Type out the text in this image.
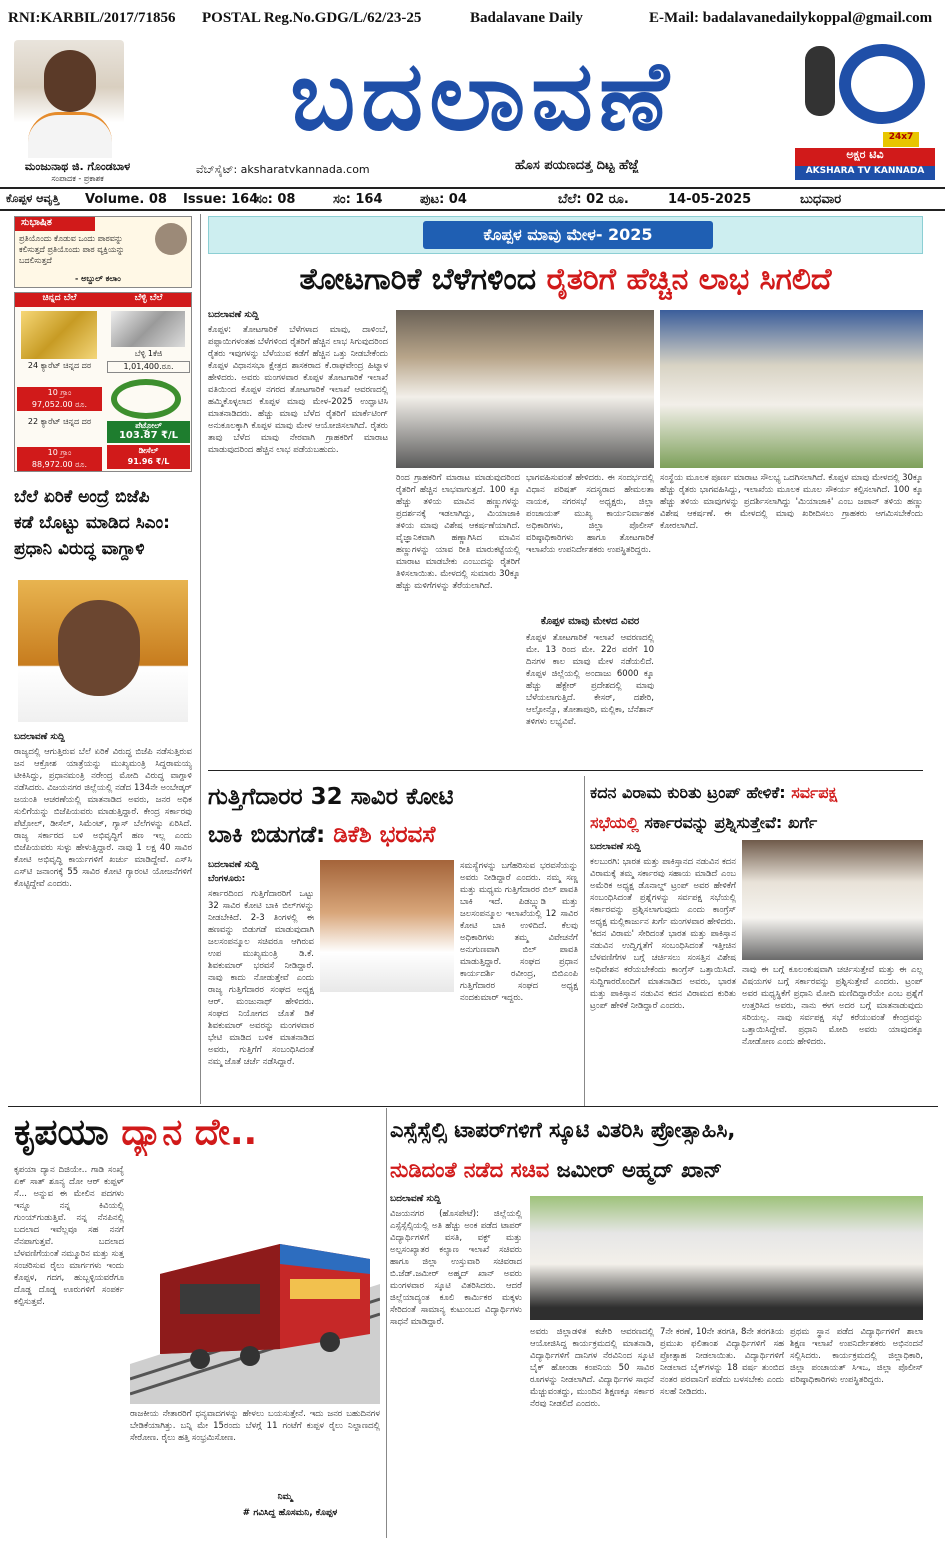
RNI:KARBIL/2017/71856 POSTAL Reg.No.GDG/L/62/23-25	Badalavane Daily	E-Mail: badalavanedailykoppal@gmail.com
ಮಂಜುನಾಥ ಜಿ. ಗೊಂಡಬಾಳ
ಸಂಪಾದಕ - ಪ್ರಕಾಶಕ
ಬದಲಾವಣೆ
ವೆಬ್‌ಸೈಟ್: aksharatvkannada.com	ಹೊಸ ಪಯಣದತ್ತ ದಿಟ್ಟ ಹೆಜ್ಜೆ
24x7
ಅಕ್ಷರ ಟಿವಿ
AKSHARA TV KANNADA
ಕೊಪ್ಪಳ ಆವೃತ್ತಿ Volume. 08 Issue: 164
ಸಂ: 08	ಸಂ: 164	ಪುಟ: 04	ಬೆಲೆ: 02 ರೂ.	14-05-2025	ಬುಧವಾರ
ಸುಭಾಷಿತ
ಪ್ರತಿಯೊಂದು ಕೊಡುವ ಒಂದು ಪಾಠವನ್ನು ಕಲಿಸುತ್ತದೆ ಪ್ರತಿಯೊಂದು ಪಾಠ ವ್ಯಕ್ತಿಯನ್ನು ಬದಲಿಸುತ್ತದೆ
- ಅಬ್ದುಲ್ ಕಲಾಂ
ಚಿನ್ನದ ಬೆಲೆ	ಬೆಳ್ಳಿ ಬೆಲೆ
24 ಕ್ಯಾರೆಟ್ ಚಿನ್ನದ ದರ
10 ಗ್ರಾಂ
97,052.00 ರೂ.
22 ಕ್ಯಾರೆಟ್ ಚಿನ್ನದ ದರ
10 ಗ್ರಾಂ
88,972.00 ರೂ.
ಬೆಳ್ಳಿ 1ಕೆಜಿ
1,01,400.ರೂ.
ಪೆಟ್ರೋಲ್
103.87 ₹/L
ಡೀಸೆಲ್
91.96 ₹/L
ಬೆಲೆ ಏರಿಕೆ ಅಂದ್ರೆ ಬಿಜೆಪಿ
ಕಡೆ ಬೊಟ್ಟು ಮಾಡಿದ ಸಿಎಂ:
ಪ್ರಧಾನಿ ವಿರುದ್ಧ ವಾಗ್ದಾಳಿ
ಬದಲಾವಣೆ ಸುದ್ದಿ
ರಾಜ್ಯದಲ್ಲಿ ಆಗುತ್ತಿರುವ ಬೆಲೆ ಏರಿಕೆ ವಿರುದ್ಧ ಬಿಜೆಪಿ ನಡೆಸುತ್ತಿರುವ ಜನ ಆಕ್ರೋಶ ಯಾತ್ರೆಯನ್ನು ಮುಖ್ಯಮಂತ್ರಿ ಸಿದ್ದರಾಮಯ್ಯ ಟೀಕಿಸಿದ್ದು, ಪ್ರಧಾನಮಂತ್ರಿ ನರೇಂದ್ರ ಮೋದಿ ವಿರುದ್ಧ ವಾಗ್ದಾಳಿ ನಡೆಸಿದರು. ವಿಜಯನಗರ ಜಿಲ್ಲೆಯಲ್ಲಿ ನಡೆದ 134ನೇ ಅಂಬೇಡ್ಕರ್ ಜಯಂತಿ ಆಚರಣೆಯಲ್ಲಿ ಮಾತನಾಡಿದ ಅವರು, ಜನರ ಅಧಿಕ ಸುಲಿಗೆಯನ್ನು ಬಿಜೆಪಿಯವರು ಮಾಡುತ್ತಿದ್ದಾರೆ. ಕೇಂದ್ರ ಸರ್ಕಾರವು ಪೆಟ್ರೋಲ್, ಡೀಸೆಲ್, ಸಿಮೆಂಟ್, ಗ್ಯಾಸ್ ಬೆಲೆಗಳನ್ನು ಏರಿಸಿದೆ. ರಾಜ್ಯ ಸರ್ಕಾರದ ಬಳಿ ಅಭಿವೃದ್ಧಿಗೆ ಹಣ ಇಲ್ಲ ಎಂದು ಬಿಜೆಪಿಯವರು ಸುಳ್ಳು ಹೇಳುತ್ತಿದ್ದಾರೆ. ನಾವು 1 ಲಕ್ಷ 40 ಸಾವಿರ ಕೋಟಿ ಅಭಿವೃದ್ಧಿ ಕಾರ್ಯಗಳಿಗೆ ಖರ್ಚು ಮಾಡಿದ್ದೇವೆ. ಎಸ್‌ಸಿ ಎಸ್‌ಟಿ ಜನಾಂಗಕ್ಕೆ 55 ಸಾವಿರ ಕೋಟಿ ಗ್ಯಾರಂಟಿ ಯೋಜನೆಗಳಿಗೆ ಕೊಟ್ಟಿದ್ದೇವೆ ಎಂದರು.
ಕೊಪ್ಪಳ ಮಾವು ಮೇಳ- 2025
ತೋಟಗಾರಿಕೆ ಬೆಳೆಗಳಿಂದ ರೈತರಿಗೆ ಹೆಚ್ಚಿನ ಲಾಭ ಸಿಗಲಿದೆ
ಬದಲಾವಣೆ ಸುದ್ದಿ
ಕೊಪ್ಪಳ: ತೋಟಗಾರಿಕೆ ಬೆಳೆಗಳಾದ ಮಾವು, ದಾಳಿಂಬೆ, ಪಪ್ಪಾಯಿಗಳಂತಹ ಬೆಳೆಗಳಿಂದ ರೈತರಿಗೆ ಹೆಚ್ಚಿನ ಲಾಭ ಸಿಗುವುದರಿಂದ ರೈತರು ಇವುಗಳನ್ನು ಬೆಳೆಯುವ ಕಡೆಗೆ ಹೆಚ್ಚಿನ ಒತ್ತು ನೀಡಬೇಕೆಂದು ಕೊಪ್ಪಳ ವಿಧಾನಸಭಾ ಕ್ಷೇತ್ರದ ಶಾಸಕರಾದ ಕೆ.ರಾಘವೇಂದ್ರ ಹಿಟ್ನಾಳ ಹೇಳಿದರು. ಅವರು ಮಂಗಳವಾರ ಕೊಪ್ಪಳ ತೋಟಗಾರಿಕೆ ಇಲಾಖೆ ವತಿಯಿಂದ ಕೊಪ್ಪಳ ನಗರದ ತೋಟಗಾರಿಕೆ ಇಲಾಖೆ ಆವರಣದಲ್ಲಿ ಹಮ್ಮಿಕೊಳ್ಳಲಾದ ಕೊಪ್ಪಳ ಮಾವು ಮೇಳ-2025 ಉದ್ಘಾಟಿಸಿ ಮಾತನಾಡಿದರು. ಹೆಚ್ಚು ಮಾವು ಬೆಳೆದ ರೈತರಿಗೆ ಮಾರ್ಕೆಟಿಂಗ್ ಅನುಕೂಲಕ್ಕಾಗಿ ಕೊಪ್ಪಳ ಮಾವು ಮೇಳ ಆಯೋಜಿಸಲಾಗಿದೆ. ರೈತರು ತಾವು ಬೆಳೆದ ಮಾವು ನೇರವಾಗಿ ಗ್ರಾಹಕರಿಗೆ ಮಾರಾಟ ಮಾಡುವುದರಿಂದ ಹೆಚ್ಚಿನ ಲಾಭ ಪಡೆಯಬಹುದು.
ರಿಂದ ಗ್ರಾಹಕರಿಗೆ ಮಾರಾಟ ಮಾಡುವುದರಿಂದ ರೈತರಿಗೆ ಹೆಚ್ಚಿನ ಲಾಭವಾಗುತ್ತದೆ. 100 ಕ್ಕೂ ಹೆಚ್ಚು ತಳಿಯ ಮಾವಿನ ಹಣ್ಣುಗಳನ್ನು ಪ್ರದರ್ಶನಕ್ಕೆ ಇಡಲಾಗಿದ್ದು, ಮಿಯಾಜಾಕಿ ತಳಿಯ ಮಾವು ವಿಶೇಷ ಆಕರ್ಷಣೆಯಾಗಿದೆ. ವೈಜ್ಞಾನಿಕವಾಗಿ ಹಣ್ಣಾಗಿಸಿದ ಮಾವಿನ ಹಣ್ಣುಗಳನ್ನು ಯಾವ ರೀತಿ ಮಾರುಕಟ್ಟೆಯಲ್ಲಿ ಮಾರಾಟ ಮಾಡಬೇಕು ಎಂಬುದನ್ನು ರೈತರಿಗೆ ತಿಳಿಸಲಾಯಿತು. ಮೇಳದಲ್ಲಿ ಸುಮಾರು 30ಕ್ಕೂ ಹೆಚ್ಚು ಮಳಿಗೆಗಳನ್ನು ತೆರೆಯಲಾಗಿದೆ.
ಭಾಗವಹಿಸುವಂತೆ ಹೇಳಿದರು. ಈ ಸಂದರ್ಭದಲ್ಲಿ ವಿಧಾನ ಪರಿಷತ್ ಸದಸ್ಯರಾದ ಹೇಮಲತಾ ನಾಯಕ, ನಗರಸಭೆ ಅಧ್ಯಕ್ಷರು, ಜಿಲ್ಲಾ ಪಂಚಾಯತ್ ಮುಖ್ಯ ಕಾರ್ಯನಿರ್ವಾಹಕ ಅಧಿಕಾರಿಗಳು, ಜಿಲ್ಲಾ ಪೊಲೀಸ್ ವರಿಷ್ಠಾಧಿಕಾರಿಗಳು ಹಾಗೂ ತೋಟಗಾರಿಕೆ ಇಲಾಖೆಯ ಉಪನಿರ್ದೇಶಕರು ಉಪಸ್ಥಿತರಿದ್ದರು.
ಕೊಪ್ಪಳ ಮಾವು ಮೇಳದ ವಿವರ
ಕೊಪ್ಪಳ ತೋಟಗಾರಿಕೆ ಇಲಾಖೆ ಆವರಣದಲ್ಲಿ ಮೇ. 13 ರಿಂದ ಮೇ. 22ರ ವರೆಗೆ 10 ದಿನಗಳ ಕಾಲ ಮಾವು ಮೇಳ ನಡೆಯಲಿದೆ. ಕೊಪ್ಪಳ ಜಿಲ್ಲೆಯಲ್ಲಿ ಅಂದಾಜು 6000 ಕ್ಕೂ ಹೆಚ್ಚು ಹೆಕ್ಟೇರ್ ಪ್ರದೇಶದಲ್ಲಿ ಮಾವು ಬೆಳೆಯಲಾಗುತ್ತಿದೆ. ಕೇಸರ್, ದಶೇರಿ, ಆಲ್ಫೋನ್ಸೊ, ತೋತಾಪುರಿ, ಮಲ್ಲಿಕಾ, ಬೆನೆಶಾನ್ ತಳಿಗಳು ಲಭ್ಯವಿವೆ.
ಸಂಸ್ಥೆಯ ಮೂಲಕ ಪೂರ್ಣ ಮಾರಾಟ ಸೌಲಭ್ಯ ಒದಗಿಸಲಾಗಿದೆ. ಕೊಪ್ಪಳ ಮಾವು ಮೇಳದಲ್ಲಿ 30ಕ್ಕೂ ಹೆಚ್ಚು ರೈತರು ಭಾಗವಹಿಸಿದ್ದು, ಇಲಾಖೆಯ ಮೂಲಕ ಮೂಲ ಸೌಕರ್ಯ ಕಲ್ಪಿಸಲಾಗಿದೆ. 100 ಕ್ಕೂ ಹೆಚ್ಚು ತಳಿಯ ಮಾವುಗಳನ್ನು ಪ್ರದರ್ಶಿಸಲಾಗಿದ್ದು 'ಮಿಯಾಜಾಕಿ' ಎಂಬ ಜಪಾನ್ ತಳಿಯ ಹಣ್ಣು ವಿಶೇಷ ಆಕರ್ಷಣೆ. ಈ ಮೇಳದಲ್ಲಿ ಮಾವು ಖರೀದಿಸಲು ಗ್ರಾಹಕರು ಆಗಮಿಸಬೇಕೆಂದು ಕೋರಲಾಗಿದೆ.
ಗುತ್ತಿಗೆದಾರರ 32 ಸಾವಿರ ಕೋಟಿ
ಬಾಕಿ ಬಿಡುಗಡೆ: ಡಿಕೆಶಿ ಭರವಸೆ
ಬದಲಾವಣೆ ಸುದ್ದಿ
ಬೆಂಗಳೂರು:
ಸರ್ಕಾರದಿಂದ ಗುತ್ತಿಗೆದಾರರಿಗೆ ಒಟ್ಟು 32 ಸಾವಿರ ಕೋಟಿ ಬಾಕಿ ಬಿಲ್‌ಗಳನ್ನು ನೀಡಬೇಕಿದೆ. 2-3 ತಿಂಗಳಲ್ಲಿ ಈ ಹಣವನ್ನು ಬಿಡುಗಡೆ ಮಾಡುವುದಾಗಿ ಜಲಸಂಪನ್ಮೂಲ ಸಚಿವರೂ ಆಗಿರುವ ಉಪ ಮುಖ್ಯಮಂತ್ರಿ ಡಿ.ಕೆ. ಶಿವಕುಮಾರ್ ಭರವಸೆ ನೀಡಿದ್ದಾರೆ. ನಾವು ಕಾದು ನೋಡುತ್ತೇವೆ ಎಂದು ರಾಜ್ಯ ಗುತ್ತಿಗೆದಾರರ ಸಂಘದ ಅಧ್ಯಕ್ಷ ಆರ್. ಮಂಜುನಾಥ್ ಹೇಳಿದರು. ಸಂಘದ ನಿಯೋಗದ ಜೊತೆ ಡಿಕೆ ಶಿವಕುಮಾರ್ ಅವರನ್ನು ಮಂಗಳವಾರ ಭೇಟಿ ಮಾಡಿದ ಬಳಿಕ ಮಾತನಾಡಿದ ಅವರು, ಗುತ್ತಿಗೆಗೆ ಸಂಬಂಧಿಸಿದಂತೆ ನಮ್ಮ ಜೊತೆ ಚರ್ಚೆ ನಡೆಸಿದ್ದಾರೆ.
ಸಮಸ್ಯೆಗಳನ್ನು ಬಗೆಹರಿಸುವ ಭರವಸೆಯನ್ನು ಅವರು ನೀಡಿದ್ದಾರೆ ಎಂದರು. ನಮ್ಮ ಸಣ್ಣ ಮತ್ತು ಮಧ್ಯಮ ಗುತ್ತಿಗೆದಾರರ ಬಿಲ್ ಪಾವತಿ ಬಾಕಿ ಇದೆ. ಪಿಡಬ್ಲ್ಯುಡಿ ಮತ್ತು ಜಲಸಂಪನ್ಮೂಲ ಇಲಾಖೆಯಲ್ಲಿ 12 ಸಾವಿರ ಕೋಟಿ ಬಾಕಿ ಉಳಿದಿದೆ. ಕೆಲವು ಅಧಿಕಾರಿಗಳು ತಮ್ಮ ವಿವೇಚನೆಗೆ ಅನುಗುಣವಾಗಿ ಬಿಲ್ ಪಾವತಿ ಮಾಡುತ್ತಿದ್ದಾರೆ. ಸಂಘದ ಪ್ರಧಾನ ಕಾರ್ಯದರ್ಶಿ ರವೀಂದ್ರ, ಬಿಬಿಎಂಪಿ ಗುತ್ತಿಗೆದಾರರ ಸಂಘದ ಅಧ್ಯಕ್ಷ ನಂದಕುಮಾರ್ ಇದ್ದರು.
ಕದನ ವಿರಾಮ ಕುರಿತು ಟ್ರಂಪ್ ಹೇಳಿಕೆ: ಸರ್ವಪಕ್ಷ
ಸಭೆಯಲ್ಲಿ ಸರ್ಕಾರವನ್ನು ಪ್ರಶ್ನಿಸುತ್ತೇವೆ: ಖರ್ಗೆ
ಬದಲಾವಣೆ ಸುದ್ದಿ
ಕಲಬುರಗಿ: ಭಾರತ ಮತ್ತು ಪಾಕಿಸ್ತಾನದ ನಡುವಿನ ಕದನ ವಿರಾಮಕ್ಕೆ ತಮ್ಮ ಸರ್ಕಾರವು ಸಹಾಯ ಮಾಡಿದೆ ಎಂಬ ಅಮೆರಿಕ ಅಧ್ಯಕ್ಷ ಡೊನಾಲ್ಡ್ ಟ್ರಂಪ್ ಅವರ ಹೇಳಿಕೆಗೆ ಸಂಬಂಧಿಸಿದಂತೆ ಪ್ರಶ್ನೆಗಳನ್ನು ಸರ್ವಪಕ್ಷ ಸಭೆಯಲ್ಲಿ ಸರ್ಕಾರವನ್ನು ಪ್ರಶ್ನಿಸಲಾಗುವುದು ಎಂದು ಕಾಂಗ್ರೆಸ್ ಅಧ್ಯಕ್ಷ ಮಲ್ಲಿಕಾರ್ಜುನ ಖರ್ಗೆ ಮಂಗಳವಾರ ಹೇಳಿದರು. 'ಕದನ ವಿರಾಮ' ಸೇರಿದಂತೆ ಭಾರತ ಮತ್ತು ಪಾಕಿಸ್ತಾನ ನಡುವಿನ ಉದ್ವಿಗ್ನತೆಗೆ ಸಂಬಂಧಿಸಿದಂತೆ ಇತ್ತೀಚಿನ ಬೆಳವಣಿಗೆಗಳ ಬಗ್ಗೆ ಚರ್ಚಿಸಲು ಸಂಸತ್ತಿನ ವಿಶೇಷ ಅಧಿವೇಶನ ಕರೆಯಬೇಕೆಂದು ಕಾಂಗ್ರೆಸ್ ಒತ್ತಾಯಿಸಿದೆ. ಸುದ್ದಿಗಾರರೊಂದಿಗೆ ಮಾತನಾಡಿದ ಅವರು, ಭಾರತ ಮತ್ತು ಪಾಕಿಸ್ತಾನ ನಡುವಿನ ಕದನ ವಿರಾಮದ ಕುರಿತು ಟ್ರಂಪ್ ಹೇಳಿಕೆ ನೀಡಿದ್ದಾರೆ ಎಂದರು.
ನಾವು ಈ ಬಗ್ಗೆ ಕೂಲಂಕುಷವಾಗಿ ಚರ್ಚಿಸುತ್ತೇವೆ ಮತ್ತು ಈ ಎಲ್ಲ ವಿಷಯಗಳ ಬಗ್ಗೆ ಸರ್ಕಾರವನ್ನು ಪ್ರಶ್ನಿಸುತ್ತೇವೆ ಎಂದರು. ಟ್ರಂಪ್ ಅವರ ಮಧ್ಯಸ್ಥಿಕೆಗೆ ಪ್ರಧಾನಿ ಮೋದಿ ಮಣಿದಿದ್ದಾರೆಯೇ ಎಂಬ ಪ್ರಶ್ನೆಗೆ ಉತ್ತರಿಸಿದ ಅವರು, ನಾನು ಈಗ ಅದರ ಬಗ್ಗೆ ಮಾತನಾಡುವುದು ಸರಿಯಲ್ಲ. ನಾವು ಸರ್ವಪಕ್ಷ ಸಭೆ ಕರೆಯುವಂತೆ ಕೇಂದ್ರವನ್ನು ಒತ್ತಾಯಿಸಿದ್ದೇವೆ. ಪ್ರಧಾನಿ ಮೋದಿ ಅವರು ಯಾವುದಕ್ಕೂ ನೋಡೋಣ ಎಂದು ಹೇಳಿದರು.
ಕೃಪಯಾ ದ್ಯಾನ ದೇ..
ಕೃಪಯಾ ದ್ಯಾನ ದಿಜಿಯೇ.. ಗಾಡಿ ಸಂಖ್ಯೆ ಏಕ್ ಸಾತ್ ಶೂನ್ಯ ದೋ ಆಠ್ ಕುಪ್ಪಳ್ ಸೆ... ಅನ್ನುವ ಈ ಮೇಲಿನ ಪದಗಳು ಇನ್ನೂ ನನ್ನ ಕಿವಿಯಲ್ಲಿ ಗುಂಯ್‌ಗುಡುತ್ತಿವೆ. ನನ್ನ ನೆನಪಿನಲ್ಲಿ ಬದಲಾದ ಇವೆಲ್ಲವೂ ಸಹ ನನಗೆ ನೆನಪಾಗುತ್ತವೆ. ಬದಲಾದ ಬೆಳವಣಿಗೆಯಂತೆ ನಮ್ಮೂರಿನ ಮತ್ತು ಸುತ್ತ ಸಂಚರಿಸುವ ರೈಲು ಮಾರ್ಗಗಳು ಇಂದು ಕೊಪ್ಪಳ, ಗದಗ, ಹುಬ್ಬಳ್ಳಿಯವರೆಗೂ ದೊಡ್ಡ ದೊಡ್ಡ ಊರುಗಳಿಗೆ ಸಂಪರ್ಕ ಕಲ್ಪಿಸುತ್ತವೆ.
ರಾಜಕೀಯ ನೇತಾರರಿಗೆ ಧನ್ಯವಾದಗಳನ್ನು ಹೇಳಲು ಬಯಸುತ್ತೇನೆ. ಇದು ಜನರ ಬಹುದಿನಗಳ ಬೇಡಿಕೆಯಾಗಿತ್ತು. ಬನ್ನಿ ಮೇ 15ರಂದು ಬೆಳಗ್ಗೆ 11 ಗಂಟೆಗೆ ಕುಪ್ಪಳ ರೈಲು ನಿಲ್ದಾಣದಲ್ಲಿ ಸೇರೋಣ. ರೈಲು ಹತ್ತಿ ಸಂಭ್ರಮಿಸೋಣ.
ನಿಮ್ಮ
# ಗವಿಸಿದ್ದ ಹೊಸಮನಿ, ಕೊಪ್ಪಳ
ಎಸ್ಸೆಸ್ಸೆಲ್ಸಿ ಟಾಪರ್‌ಗಳಿಗೆ ಸ್ಕೂಟಿ ವಿತರಿಸಿ ಪ್ರೋತ್ಸಾಹಿಸಿ,
ನುಡಿದಂತೆ ನಡೆದ ಸಚಿವ ಜಮೀರ್ ಅಹ್ಮದ್ ಖಾನ್
ಬದಲಾವಣೆ ಸುದ್ದಿ
ವಿಜಯನಗರ (ಹೊಸಪೇಟೆ): ಜಿಲ್ಲೆಯಲ್ಲಿ ಎಸ್ಸೆಸ್ಸೆಲ್ಸಿಯಲ್ಲಿ ಅತಿ ಹೆಚ್ಚು ಅಂಕ ಪಡೆದ ಟಾಪರ್ ವಿದ್ಯಾರ್ಥಿಗಳಿಗೆ ವಸತಿ, ವಕ್ಫ್ ಮತ್ತು ಅಲ್ಪಸಂಖ್ಯಾತರ ಕಲ್ಯಾಣ ಇಲಾಖೆ ಸಚಿವರು ಹಾಗೂ ಜಿಲ್ಲಾ ಉಸ್ತುವಾರಿ ಸಚಿವರಾದ ಬಿ.ಜೆಡ್.ಜಮೀರ್ ಅಹ್ಮದ್ ಖಾನ್ ಅವರು ಮಂಗಳವಾರ ಸ್ಕೂಟಿ ವಿತರಿಸಿದರು. ಆದರೆ ಜಿಲ್ಲೆಯಾದ್ಯಂತ ಕೂಲಿ ಕಾರ್ಮಿಕರ ಮಕ್ಕಳು ಸೇರಿದಂತೆ ಸಾಮಾನ್ಯ ಕುಟುಂಬದ ವಿದ್ಯಾರ್ಥಿಗಳು ಸಾಧನೆ ಮಾಡಿದ್ದಾರೆ.
ಅವರು ಜಿಲ್ಲಾಡಳಿತ ಕಚೇರಿ ಆವರಣದಲ್ಲಿ ಆಯೋಜಿಸಿದ್ದ ಕಾರ್ಯಕ್ರಮದಲ್ಲಿ ಮಾತನಾಡಿ, ವಿದ್ಯಾರ್ಥಿಗಳಿಗೆ ದಾನಿಗಳ ನೆರವಿನಿಂದ ಸ್ಕೂಟಿ ಬೈಕ್ ಹೋಂಡಾ ಕಂಪನಿಯ 50 ಸಾವಿರ ರೂಗಳನ್ನು ನೀಡಲಾಗಿದೆ. ವಿದ್ಯಾರ್ಥಿಗಳ ಸಾಧನೆ ಮೆಚ್ಚುವಂತದ್ದು, ಮುಂದಿನ ಶಿಕ್ಷಣಕ್ಕೂ ಸರ್ಕಾರ ನೆರವು ನೀಡಲಿದೆ ಎಂದರು.
7ನೇ ಕರಣೆ, 10ನೇ ತರಗತಿ, 8ನೇ ತರಗತಿಯ ಪ್ರಮುಖ ಫಲಿತಾಂಶ ವಿದ್ಯಾರ್ಥಿಗಳಿಗೆ ಸಹ ಪ್ರೋತ್ಸಾಹ ನೀಡಲಾಯಿತು. ವಿದ್ಯಾರ್ಥಿಗಳಿಗೆ ನೀಡಲಾದ ಬೈಕ್‌ಗಳನ್ನು 18 ವರ್ಷ ತುಂಬಿದ ನಂತರ ಪರವಾನಿಗೆ ಪಡೆದು ಬಳಸಬೇಕು ಎಂದು ಸಲಹೆ ನೀಡಿದರು.
ಪ್ರಥಮ ಸ್ಥಾನ ಪಡೆದ ವಿದ್ಯಾರ್ಥಿಗಳಿಗೆ ಶಾಲಾ ಶಿಕ್ಷಣ ಇಲಾಖೆ ಉಪನಿರ್ದೇಶಕರು ಅಭಿನಂದನೆ ಸಲ್ಲಿಸಿದರು. ಕಾರ್ಯಕ್ರಮದಲ್ಲಿ ಜಿಲ್ಲಾಧಿಕಾರಿ, ಜಿಲ್ಲಾ ಪಂಚಾಯತ್ ಸಿಇಒ, ಜಿಲ್ಲಾ ಪೊಲೀಸ್ ವರಿಷ್ಠಾಧಿಕಾರಿಗಳು ಉಪಸ್ಥಿತರಿದ್ದರು.
